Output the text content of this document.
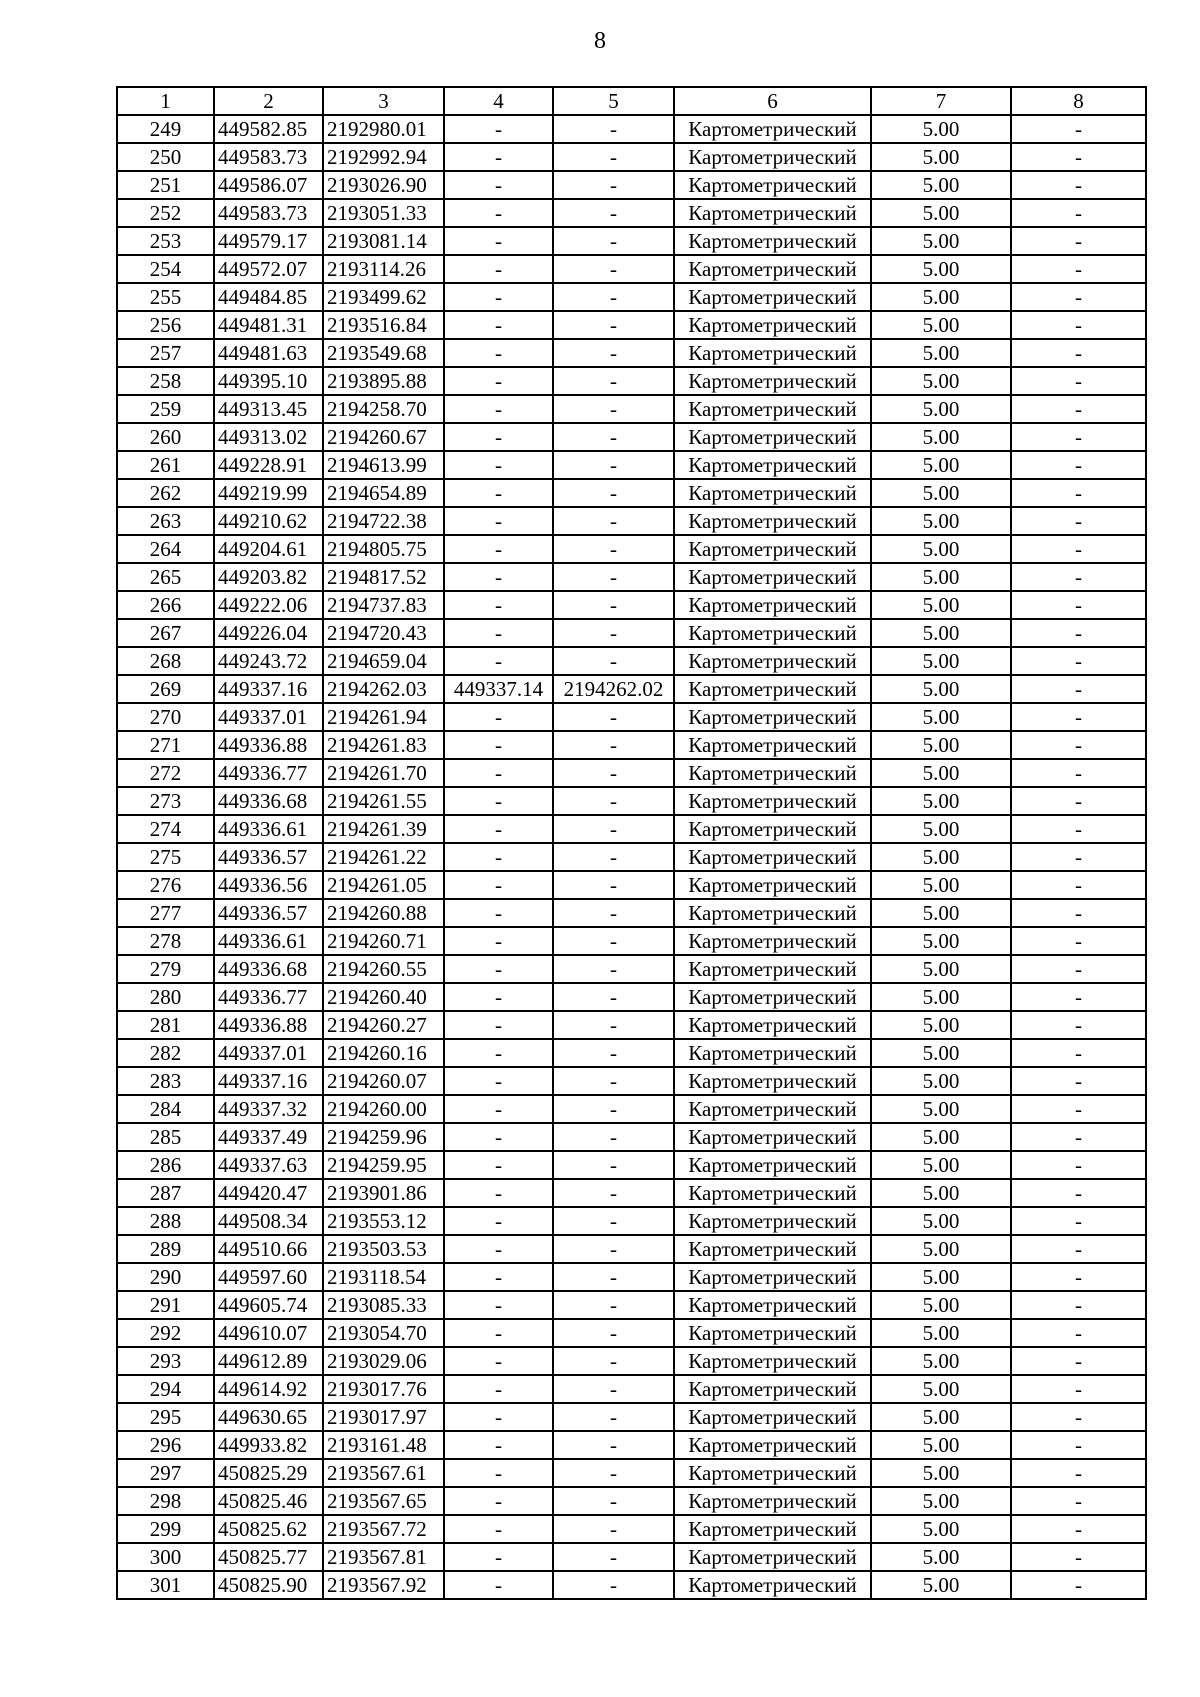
8
1	2	3	4	5	6	7	8
249	449582.85	2192980.01	-	-	Картометрический	5.00	-
250	449583.73	2192992.94	-	-	Картометрический	5.00	-
251	449586.07	2193026.90	-	-	Картометрический	5.00	-
252	449583.73	2193051.33	-	-	Картометрический	5.00	-
253	449579.17	2193081.14	-	-	Картометрический	5.00	-
254	449572.07	2193114.26	-	-	Картометрический	5.00	-
255	449484.85	2193499.62	-	-	Картометрический	5.00	-
256	449481.31	2193516.84	-	-	Картометрический	5.00	-
257	449481.63	2193549.68	-	-	Картометрический	5.00	-
258	449395.10	2193895.88	-	-	Картометрический	5.00	-
259	449313.45	2194258.70	-	-	Картометрический	5.00	-
260	449313.02	2194260.67	-	-	Картометрический	5.00	-
261	449228.91	2194613.99	-	-	Картометрический	5.00	-
262	449219.99	2194654.89	-	-	Картометрический	5.00	-
263	449210.62	2194722.38	-	-	Картометрический	5.00	-
264	449204.61	2194805.75	-	-	Картометрический	5.00	-
265	449203.82	2194817.52	-	-	Картометрический	5.00	-
266	449222.06	2194737.83	-	-	Картометрический	5.00	-
267	449226.04	2194720.43	-	-	Картометрический	5.00	-
268	449243.72	2194659.04	-	-	Картометрический	5.00	-
269	449337.16	2194262.03	449337.14	2194262.02	Картометрический	5.00	-
270	449337.01	2194261.94	-	-	Картометрический	5.00	-
271	449336.88	2194261.83	-	-	Картометрический	5.00	-
272	449336.77	2194261.70	-	-	Картометрический	5.00	-
273	449336.68	2194261.55	-	-	Картометрический	5.00	-
274	449336.61	2194261.39	-	-	Картометрический	5.00	-
275	449336.57	2194261.22	-	-	Картометрический	5.00	-
276	449336.56	2194261.05	-	-	Картометрический	5.00	-
277	449336.57	2194260.88	-	-	Картометрический	5.00	-
278	449336.61	2194260.71	-	-	Картометрический	5.00	-
279	449336.68	2194260.55	-	-	Картометрический	5.00	-
280	449336.77	2194260.40	-	-	Картометрический	5.00	-
281	449336.88	2194260.27	-	-	Картометрический	5.00	-
282	449337.01	2194260.16	-	-	Картометрический	5.00	-
283	449337.16	2194260.07	-	-	Картометрический	5.00	-
284	449337.32	2194260.00	-	-	Картометрический	5.00	-
285	449337.49	2194259.96	-	-	Картометрический	5.00	-
286	449337.63	2194259.95	-	-	Картометрический	5.00	-
287	449420.47	2193901.86	-	-	Картометрический	5.00	-
288	449508.34	2193553.12	-	-	Картометрический	5.00	-
289	449510.66	2193503.53	-	-	Картометрический	5.00	-
290	449597.60	2193118.54	-	-	Картометрический	5.00	-
291	449605.74	2193085.33	-	-	Картометрический	5.00	-
292	449610.07	2193054.70	-	-	Картометрический	5.00	-
293	449612.89	2193029.06	-	-	Картометрический	5.00	-
294	449614.92	2193017.76	-	-	Картометрический	5.00	-
295	449630.65	2193017.97	-	-	Картометрический	5.00	-
296	449933.82	2193161.48	-	-	Картометрический	5.00	-
297	450825.29	2193567.61	-	-	Картометрический	5.00	-
298	450825.46	2193567.65	-	-	Картометрический	5.00	-
299	450825.62	2193567.72	-	-	Картометрический	5.00	-
300	450825.77	2193567.81	-	-	Картометрический	5.00	-
301	450825.90	2193567.92	-	-	Картометрический	5.00	-
